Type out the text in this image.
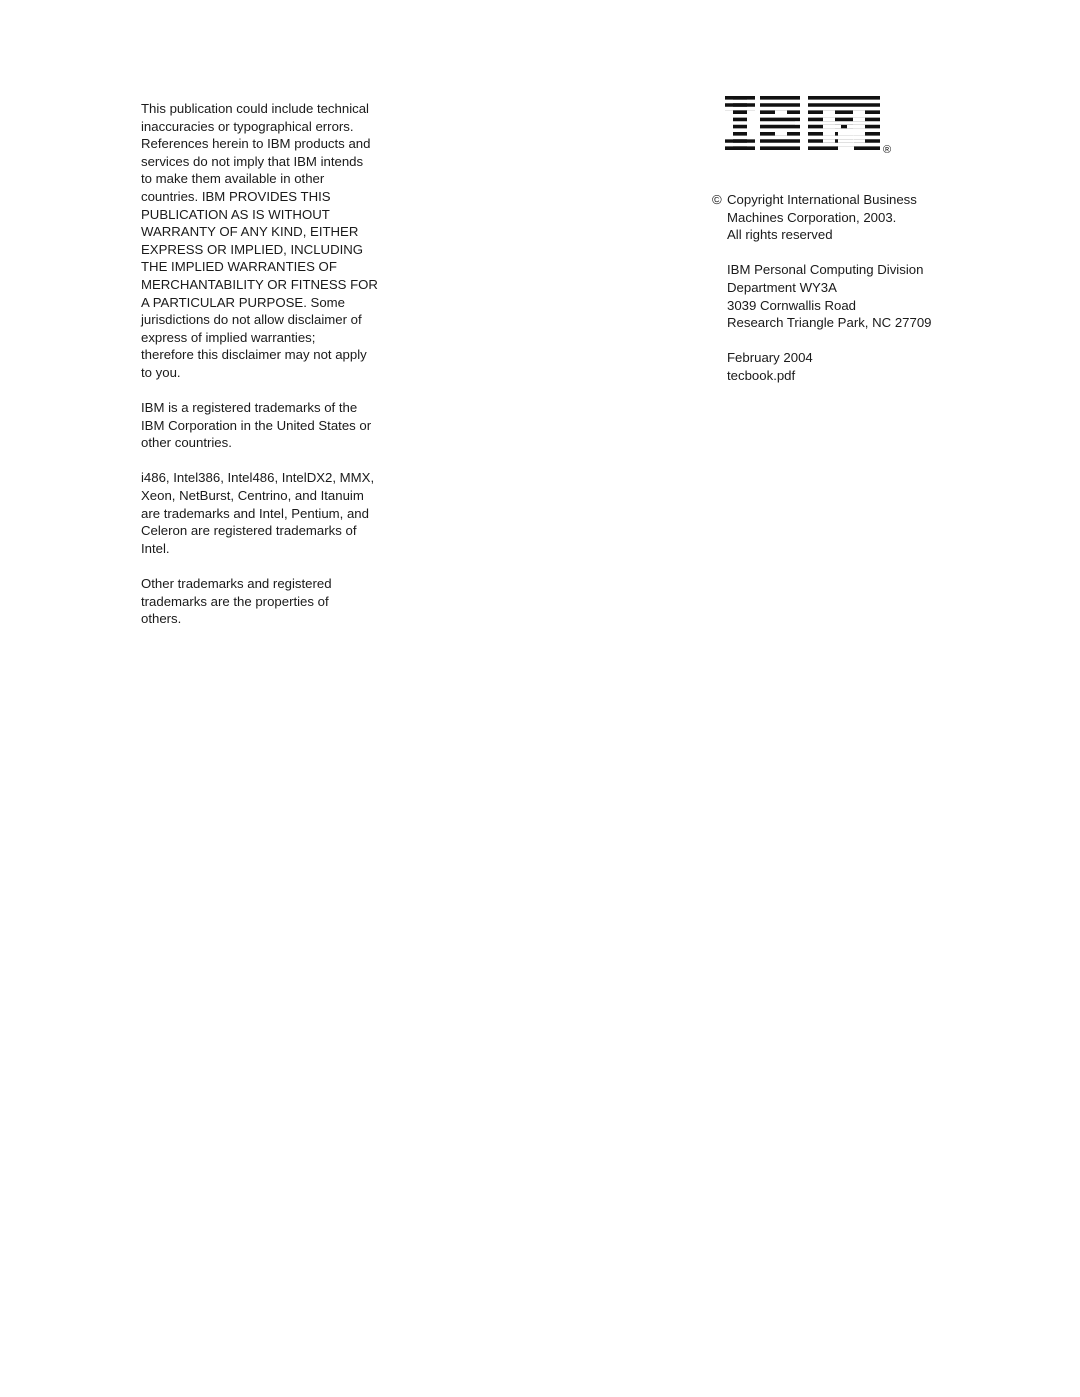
This publication could include technical
inaccuracies or typographical errors.
References herein to IBM products and
services do not imply that IBM intends
to make them available in other
countries. IBM PROVIDES THIS
PUBLICATION AS IS WITHOUT
WARRANTY OF ANY KIND, EITHER
EXPRESS OR IMPLIED, INCLUDING
THE IMPLIED WARRANTIES OF
MERCHANTABILITY OR FITNESS FOR
A PARTICULAR PURPOSE. Some
jurisdictions do not allow disclaimer of
express of implied warranties;
therefore this disclaimer may not apply
to you.

IBM is a registered trademarks of the
IBM Corporation in the United States or
other countries.

i486, Intel386, Intel486, IntelDX2, MMX,
Xeon, NetBurst, Centrino, and Itanuim
are trademarks and Intel, Pentium, and
Celeron are registered trademarks of
Intel.

Other trademarks and registered
trademarks are the properties of
others.

®
© Copyright International Business
Machines Corporation, 2003.
All rights reserved
IBM Personal Computing Division
Department WY3A
3039 Cornwallis Road
Research Triangle Park, NC 27709
February 2004
tecbook.pdf
